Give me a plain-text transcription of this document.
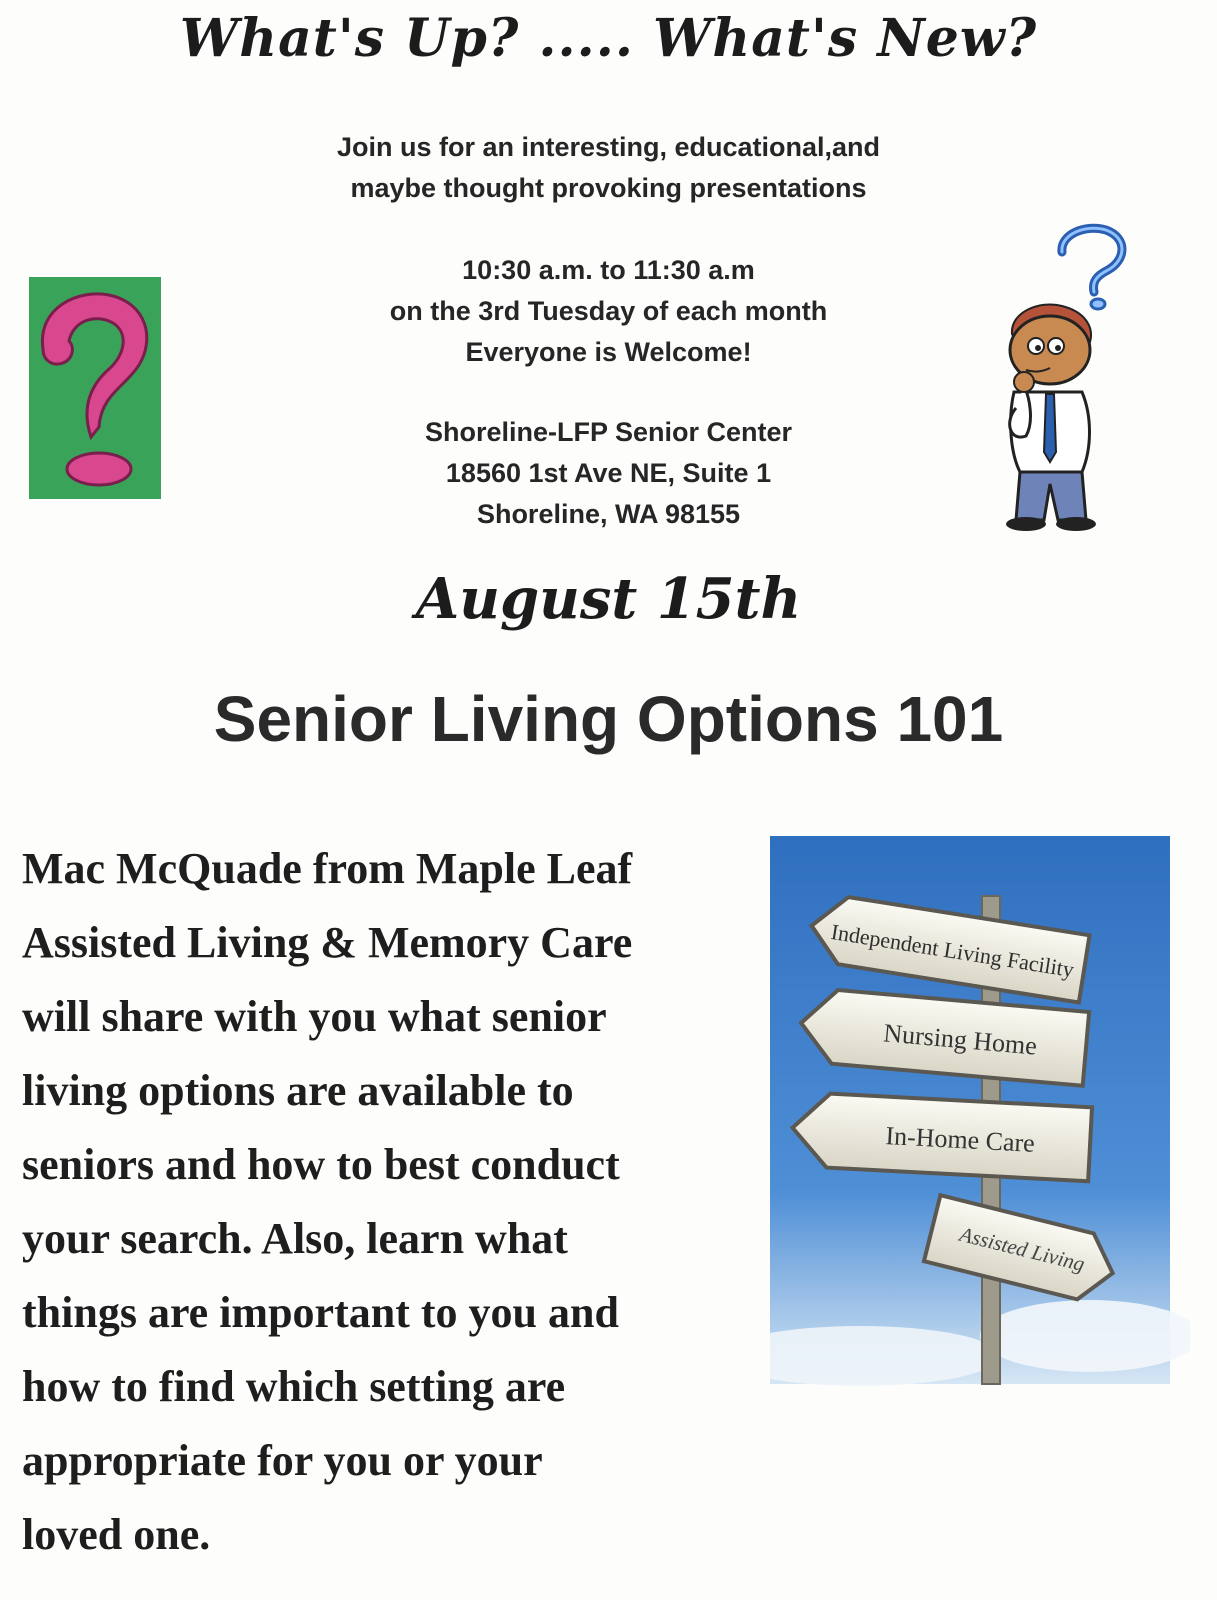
What's Up? ..... What's New?
Join us for an interesting, educational,and
maybe thought provoking presentations
10:30 a.m. to 11:30 a.m
on the 3rd Tuesday of each month
Everyone is Welcome!
Shoreline-LFP Senior Center
18560 1st Ave NE, Suite 1
Shoreline, WA 98155
August 15th
Senior Living Options 101
Mac McQuade from Maple Leaf
Assisted Living & Memory Care
will share with you what senior
living options are available to
seniors and how to best conduct
your search. Also, learn what
things are important to you and
how to find which setting are
appropriate for you or your
loved one.
Independent Living Facility
Nursing Home
In-Home Care
Assisted Living
